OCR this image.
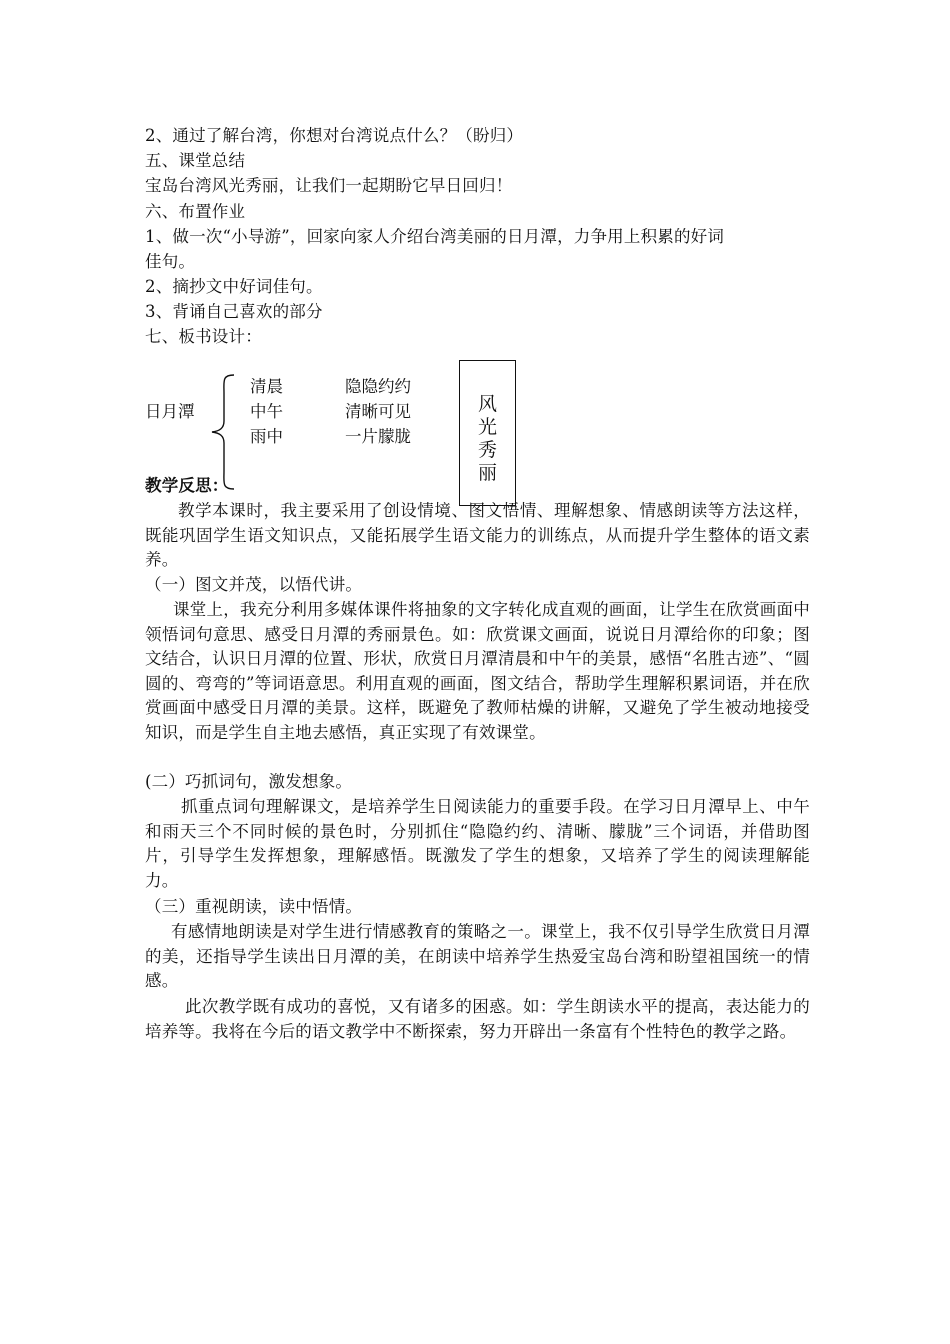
2、通过了解台湾，你想对台湾说点什么？（盼归）
五、课堂总结
宝岛台湾风光秀丽，让我们一起期盼它早日回归！
六、布置作业
1、做一次“小导游”，回家向家人介绍台湾美丽的日月潭，力争用上积累的好词
佳句。
2、摘抄文中好词佳句。
3、背诵自己喜欢的部分
七、板书设计：
日月潭
清晨
中午
雨中
隐隐约约
清晰可见
一片朦胧
风
光
秀
丽
教学反思：

教学本课时，我主要采用了创设情境、图文悟情、理解想象、情感朗读等方法这样，既能巩固学生语文知识点，又能拓展学生语文能力的训练点，从而提升学生整体的语文素养。

（一）图文并茂，以悟代讲。

课堂上，我充分利用多媒体课件将抽象的文字转化成直观的画面，让学生在欣赏画面中领悟词句意思、感受日月潭的秀丽景色。如：欣赏课文画面，说说日月潭给你的印象；图文结合，认识日月潭的位置、形状，欣赏日月潭清晨和中午的美景，感悟“名胜古迹”、“圆圆的、弯弯的”等词语意思。利用直观的画面，图文结合，帮助学生理解积累词语，并在欣赏画面中感受日月潭的美景。这样，既避免了教师枯燥的讲解，又避免了学生被动地接受知识，而是学生自主地去感悟，真正实现了有效课堂。

(二）巧抓词句，激发想象。

抓重点词句理解课文，是培养学生日阅读能力的重要手段。在学习日月潭早上、中午和雨天三个不同时候的景色时，分别抓住“隐隐约约、清晰、朦胧”三个词语，并借助图片，引导学生发挥想象，理解感悟。既激发了学生的想象，又培养了学生的阅读理解能力。

（三）重视朗读，读中悟情。

有感情地朗读是对学生进行情感教育的策略之一。课堂上，我不仅引导学生欣赏日月潭的美，还指导学生读出日月潭的美，在朗读中培养学生热爱宝岛台湾和盼望祖国统一的情感。

此次教学既有成功的喜悦，又有诸多的困惑。如：学生朗读水平的提高，表达能力的培养等。我将在今后的语文教学中不断探索，努力开辟出一条富有个性特色的教学之路。
